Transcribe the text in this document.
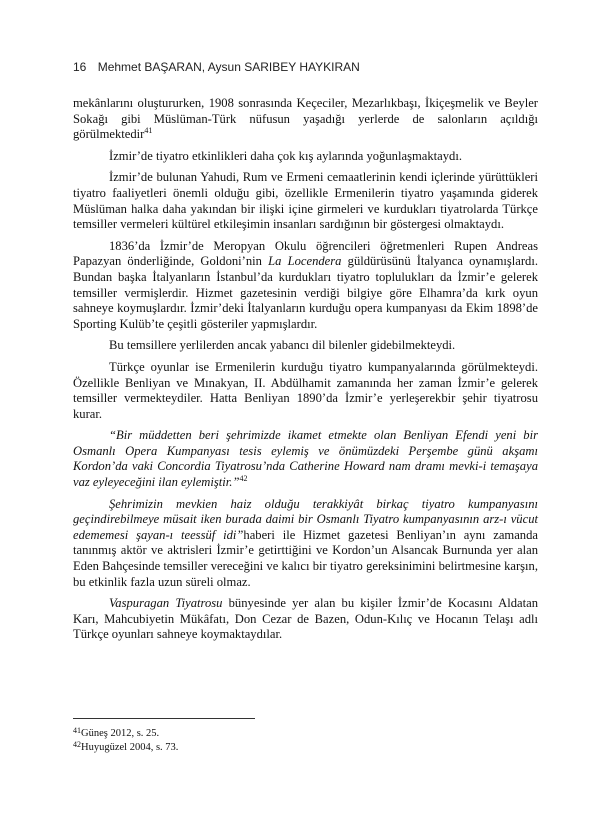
16 Mehmet BAŞARAN, Aysun SARIBEY HAYKIRAN

mekânlarını oluştururken, 1908 sonrasında Keçeciler, Mezarlıkbaşı, İkiçeşmelik ve Beyler Sokağı gibi Müslüman-Türk nüfusun yaşadığı yerlerde de salonların açıldığı görülmektedir$^{41}$

İzmir’de tiyatro etkinlikleri daha çok kış aylarında yoğunlaşmaktaydı.

İzmir’de bulunan Yahudi, Rum ve Ermeni cemaatlerinin kendi içlerinde yürüttükleri tiyatro faaliyetleri önemli olduğu gibi, özellikle Ermenilerin tiyatro yaşamında giderek Müslüman halka daha yakından bir ilişki içine girmeleri ve kurdukları tiyatrolarda Türkçe temsiller vermeleri kültürel etkileşimin insanları sardığının bir göstergesi olmaktaydı.

1836’da İzmir’de Meropyan Okulu öğrencileri öğretmenleri Rupen Andreas Papazyan önderliğinde, Goldoni’nin La Locendera güldürüsünü İtalyanca oynamışlardı. Bundan başka İtalyanların İstanbul’da kurdukları tiyatro toplulukları da İzmir’e gelerek temsiller vermişlerdir. Hizmet gazetesinin verdiği bilgiye göre Elhamra’da kırk oyun sahneye koymuşlardır. İzmir’deki İtalyanların kurduğu opera kumpanyası da Ekim 1898’de Sporting Kulüb’te çeşitli gösteriler yapmışlardır.

Bu temsillere yerlilerden ancak yabancı dil bilenler gidebilmekteydi.

Türkçe oyunlar ise Ermenilerin kurduğu tiyatro kumpanyalarında görülmekteydi. Özellikle Benliyan ve Mınakyan, II. Abdülhamit zamanında her zaman İzmir’e gelerek temsiller vermekteydiler. Hatta Benliyan 1890’da İzmir’e yerleşerekbir şehir tiyatrosu kurar.

“Bir müddetten beri şehrimizde ikamet etmekte olan Benliyan Efendi yeni bir Osmanlı Opera Kumpanyası tesis eylemiş ve önümüzdeki Perşembe günü akşamı Kordon’da vaki Concordia Tiyatrosu’nda Catherine Howard nam dramı mevki-i temaşaya vaz eyleyeceğini ilan eylemiştir.”$^{42}$

Şehrimizin mevkien haiz olduğu terakkiyât birkaç tiyatro kumpanyasını geçindirebilmeye müsait iken burada daimi bir Osmanlı Tiyatro kumpanyasının arz-ı vücut edememesi şayan-ı teessüf idi”haberi ile Hizmet gazetesi Benliyan’ın aynı zamanda tanınmış aktör ve aktrisleri İzmir’e getirttiğini ve Kordon’un Alsancak Burnunda yer alan Eden Bahçesinde temsiller vereceğini ve kalıcı bir tiyatro gereksinimini belirtmesine karşın, bu etkinlik fazla uzun süreli olmaz.

Vaspuragan Tiyatrosu bünyesinde yer alan bu kişiler İzmir’de Kocasını Aldatan Karı, Mahcubiyetin Mükâfatı, Don Cezar de Bazen, Odun-Kılıç ve Hocanın Telaşı adlı Türkçe oyunları sahneye koymaktaydılar.

$^{41}$Güneş 2012, s. 25.
$^{42}$Huyugüzel 2004, s. 73.
